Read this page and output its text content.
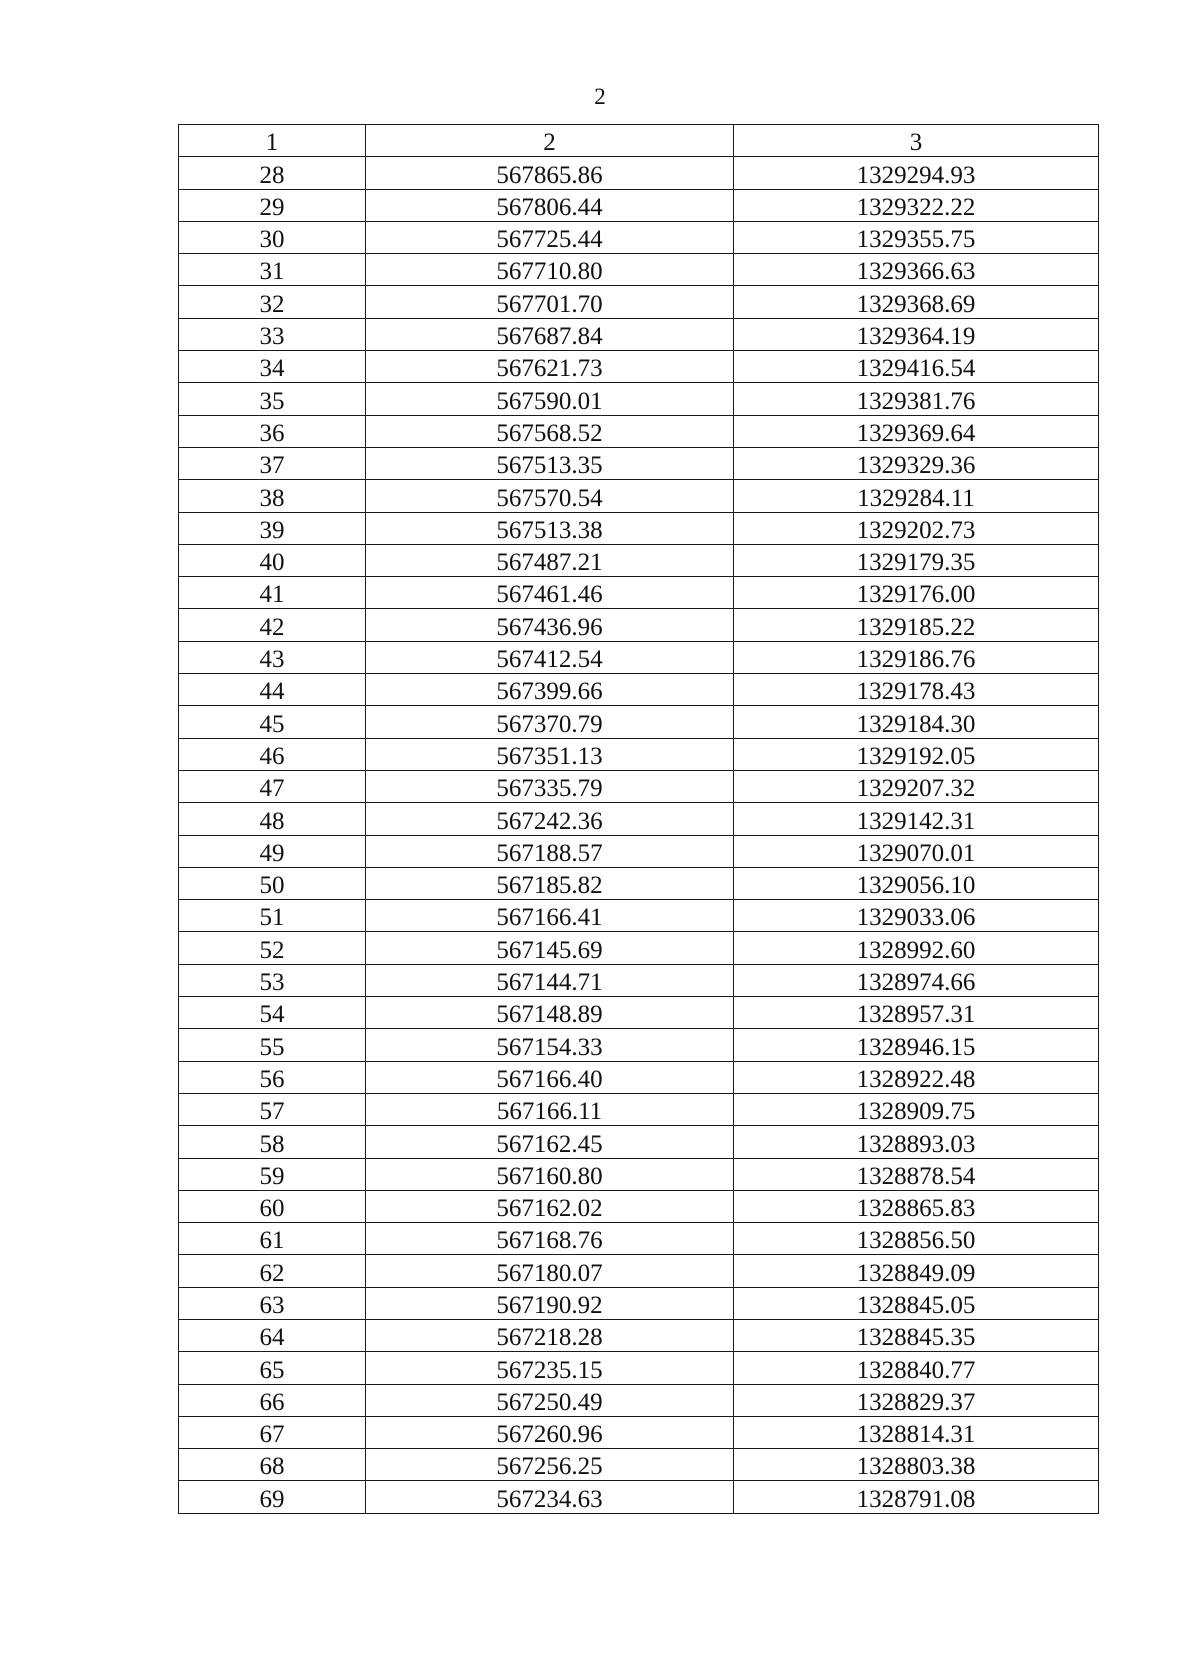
2
1	2	3
28	567865.86	1329294.93
29	567806.44	1329322.22
30	567725.44	1329355.75
31	567710.80	1329366.63
32	567701.70	1329368.69
33	567687.84	1329364.19
34	567621.73	1329416.54
35	567590.01	1329381.76
36	567568.52	1329369.64
37	567513.35	1329329.36
38	567570.54	1329284.11
39	567513.38	1329202.73
40	567487.21	1329179.35
41	567461.46	1329176.00
42	567436.96	1329185.22
43	567412.54	1329186.76
44	567399.66	1329178.43
45	567370.79	1329184.30
46	567351.13	1329192.05
47	567335.79	1329207.32
48	567242.36	1329142.31
49	567188.57	1329070.01
50	567185.82	1329056.10
51	567166.41	1329033.06
52	567145.69	1328992.60
53	567144.71	1328974.66
54	567148.89	1328957.31
55	567154.33	1328946.15
56	567166.40	1328922.48
57	567166.11	1328909.75
58	567162.45	1328893.03
59	567160.80	1328878.54
60	567162.02	1328865.83
61	567168.76	1328856.50
62	567180.07	1328849.09
63	567190.92	1328845.05
64	567218.28	1328845.35
65	567235.15	1328840.77
66	567250.49	1328829.37
67	567260.96	1328814.31
68	567256.25	1328803.38
69	567234.63	1328791.08
